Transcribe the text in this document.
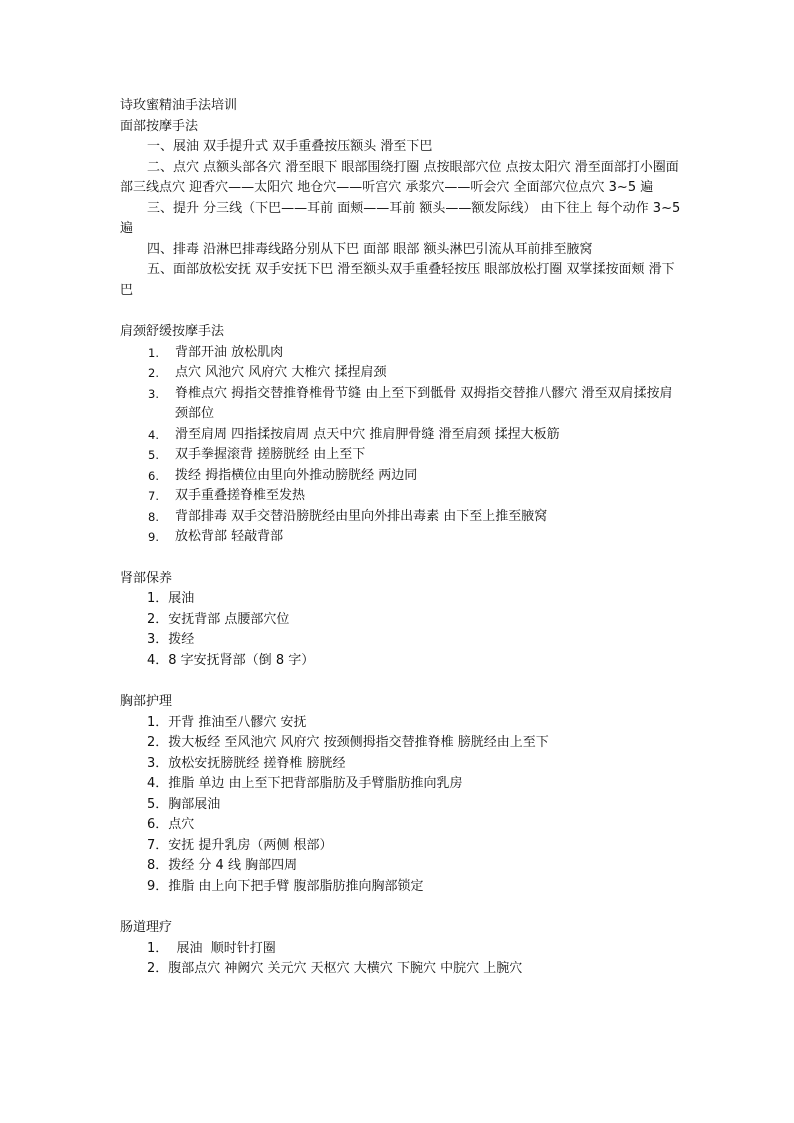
诗玫蜜精油手法培训
面部按摩手法
一、展油 双手提升式 双手重叠按压额头 滑至下巴
二、点穴 点额头部各穴 滑至眼下 眼部围绕打圈 点按眼部穴位 点按太阳穴 滑至面部打小圈面部三线点穴 迎香穴——太阳穴 地仓穴——听宫穴 承浆穴——听会穴 全面部穴位点穴 3~5 遍
三、提升 分三线（下巴——耳前 面颊——耳前 额头——额发际线） 由下往上 每个动作 3~5 遍
四、排毒 沿淋巴排毒线路分别从下巴 面部 眼部 额头淋巴引流从耳前排至腋窝
五、面部放松安抚 双手安抚下巴 滑至额头双手重叠轻按压 眼部放松打圈 双掌揉按面颊 滑下巴
肩颈舒缓按摩手法
1. 背部开油 放松肌肉
2. 点穴 风池穴 风府穴 大椎穴 揉捏肩颈
3. 脊椎点穴 拇指交替推脊椎骨节缝 由上至下到骶骨 双拇指交替推八髎穴 滑至双肩揉按肩颈部位
4. 滑至肩周 四指揉按肩周 点天中穴 推肩胛骨缝 滑至肩颈 揉捏大板筋
5. 双手拳握滚背 搓膀胱经 由上至下
6. 拨经 拇指横位由里向外推动膀胱经 两边同
7. 双手重叠搓脊椎至发热
8. 背部排毒 双手交替沿膀胱经由里向外排出毒素 由下至上推至腋窝
9. 放松背部 轻敲背部
肾部保养
1．展油
2．安抚背部 点腰部穴位
3．拨经
4．8 字安抚肾部（倒 8 字）
胸部护理
1．开背 推油至八髎穴 安抚
2．拨大板经 至风池穴 风府穴 按颈侧拇指交替推脊椎 膀胱经由上至下
3．放松安抚膀胱经 搓脊椎 膀胱经
4．推脂 单边 由上至下把背部脂肪及手臂脂肪推向乳房
5．胸部展油
6．点穴
7．安抚 提升乳房（两侧 根部）
8．拨经 分 4 线 胸部四周
9．推脂 由上向下把手臂 腹部脂肪推向胸部锁定
肠道理疗
1．  展油  顺时针打圈
2．腹部点穴 神阙穴 关元穴 天枢穴 大横穴 下腕穴 中脘穴 上腕穴
